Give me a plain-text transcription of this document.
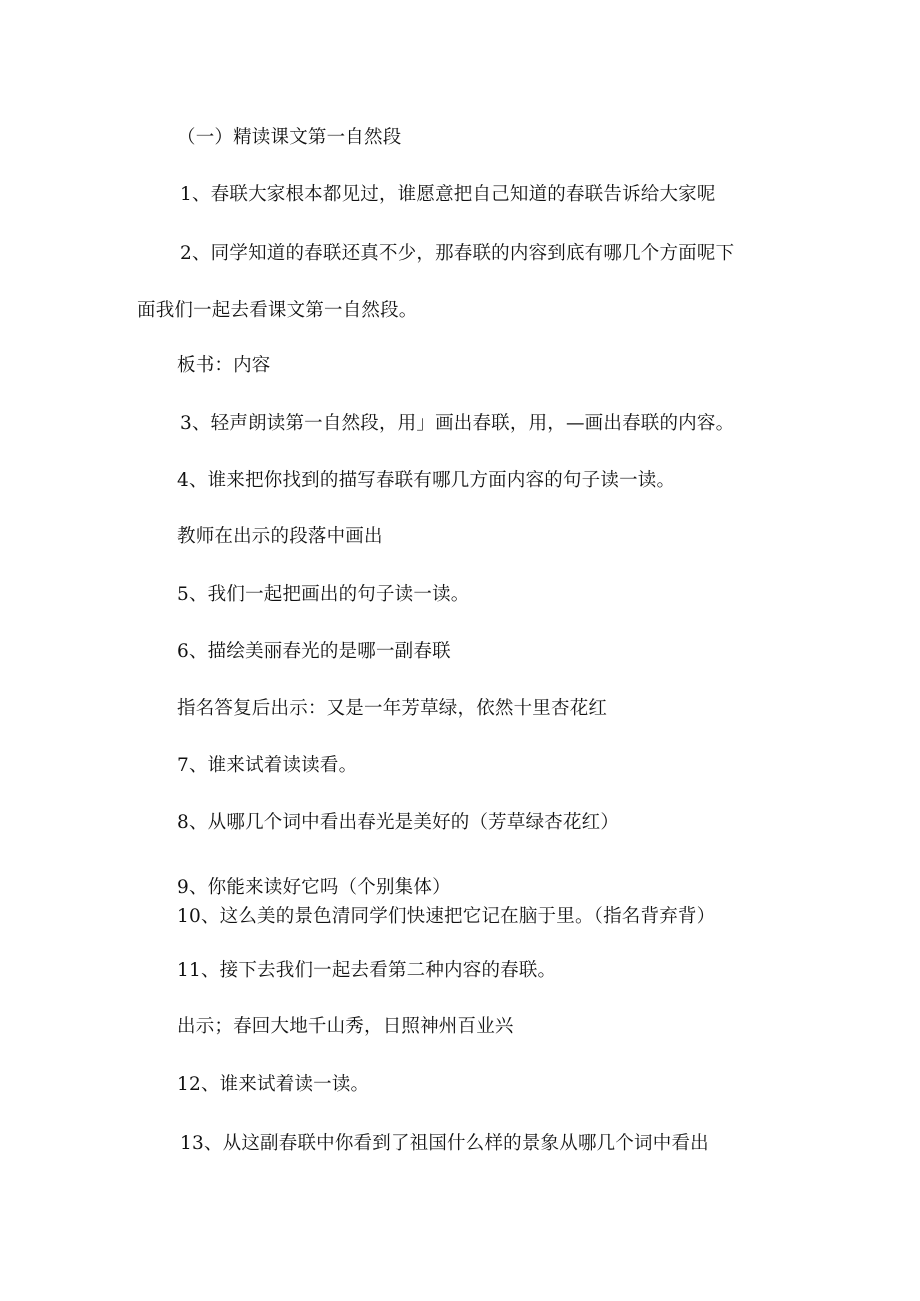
（一）精读课文第一自然段
1、春联大家根本都见过，谁愿意把自己知道的春联告诉给大家呢
2、同学知道的春联还真不少，那春联的内容到底有哪几个方面呢下
面我们一起去看课文第一自然段。
板书：内容
3、轻声朗读第一自然段，用」画出春联，用，—画出春联的内容。
4、谁来把你找到的描写春联有哪几方面内容的句子读一读。
教师在出示的段落中画出
5、我们一起把画出的句子读一读。
6、描绘美丽春光的是哪一副春联
指名答复后出示：又是一年芳草绿，依然十里杏花红
7、谁来试着读读看。
8、从哪几个词中看出春光是美好的（芳草绿杏花红）
9、你能来读好它吗（个别集体）
10、这么美的景色清同学们快速把它记在脑于里。（指名背弃背）
11、接下去我们一起去看第二种内容的春联。
出示；春回大地千山秀，日照神州百业兴
12、谁来试着读一读。
13、从这副春联中你看到了祖国什么样的景象从哪几个词中看出
